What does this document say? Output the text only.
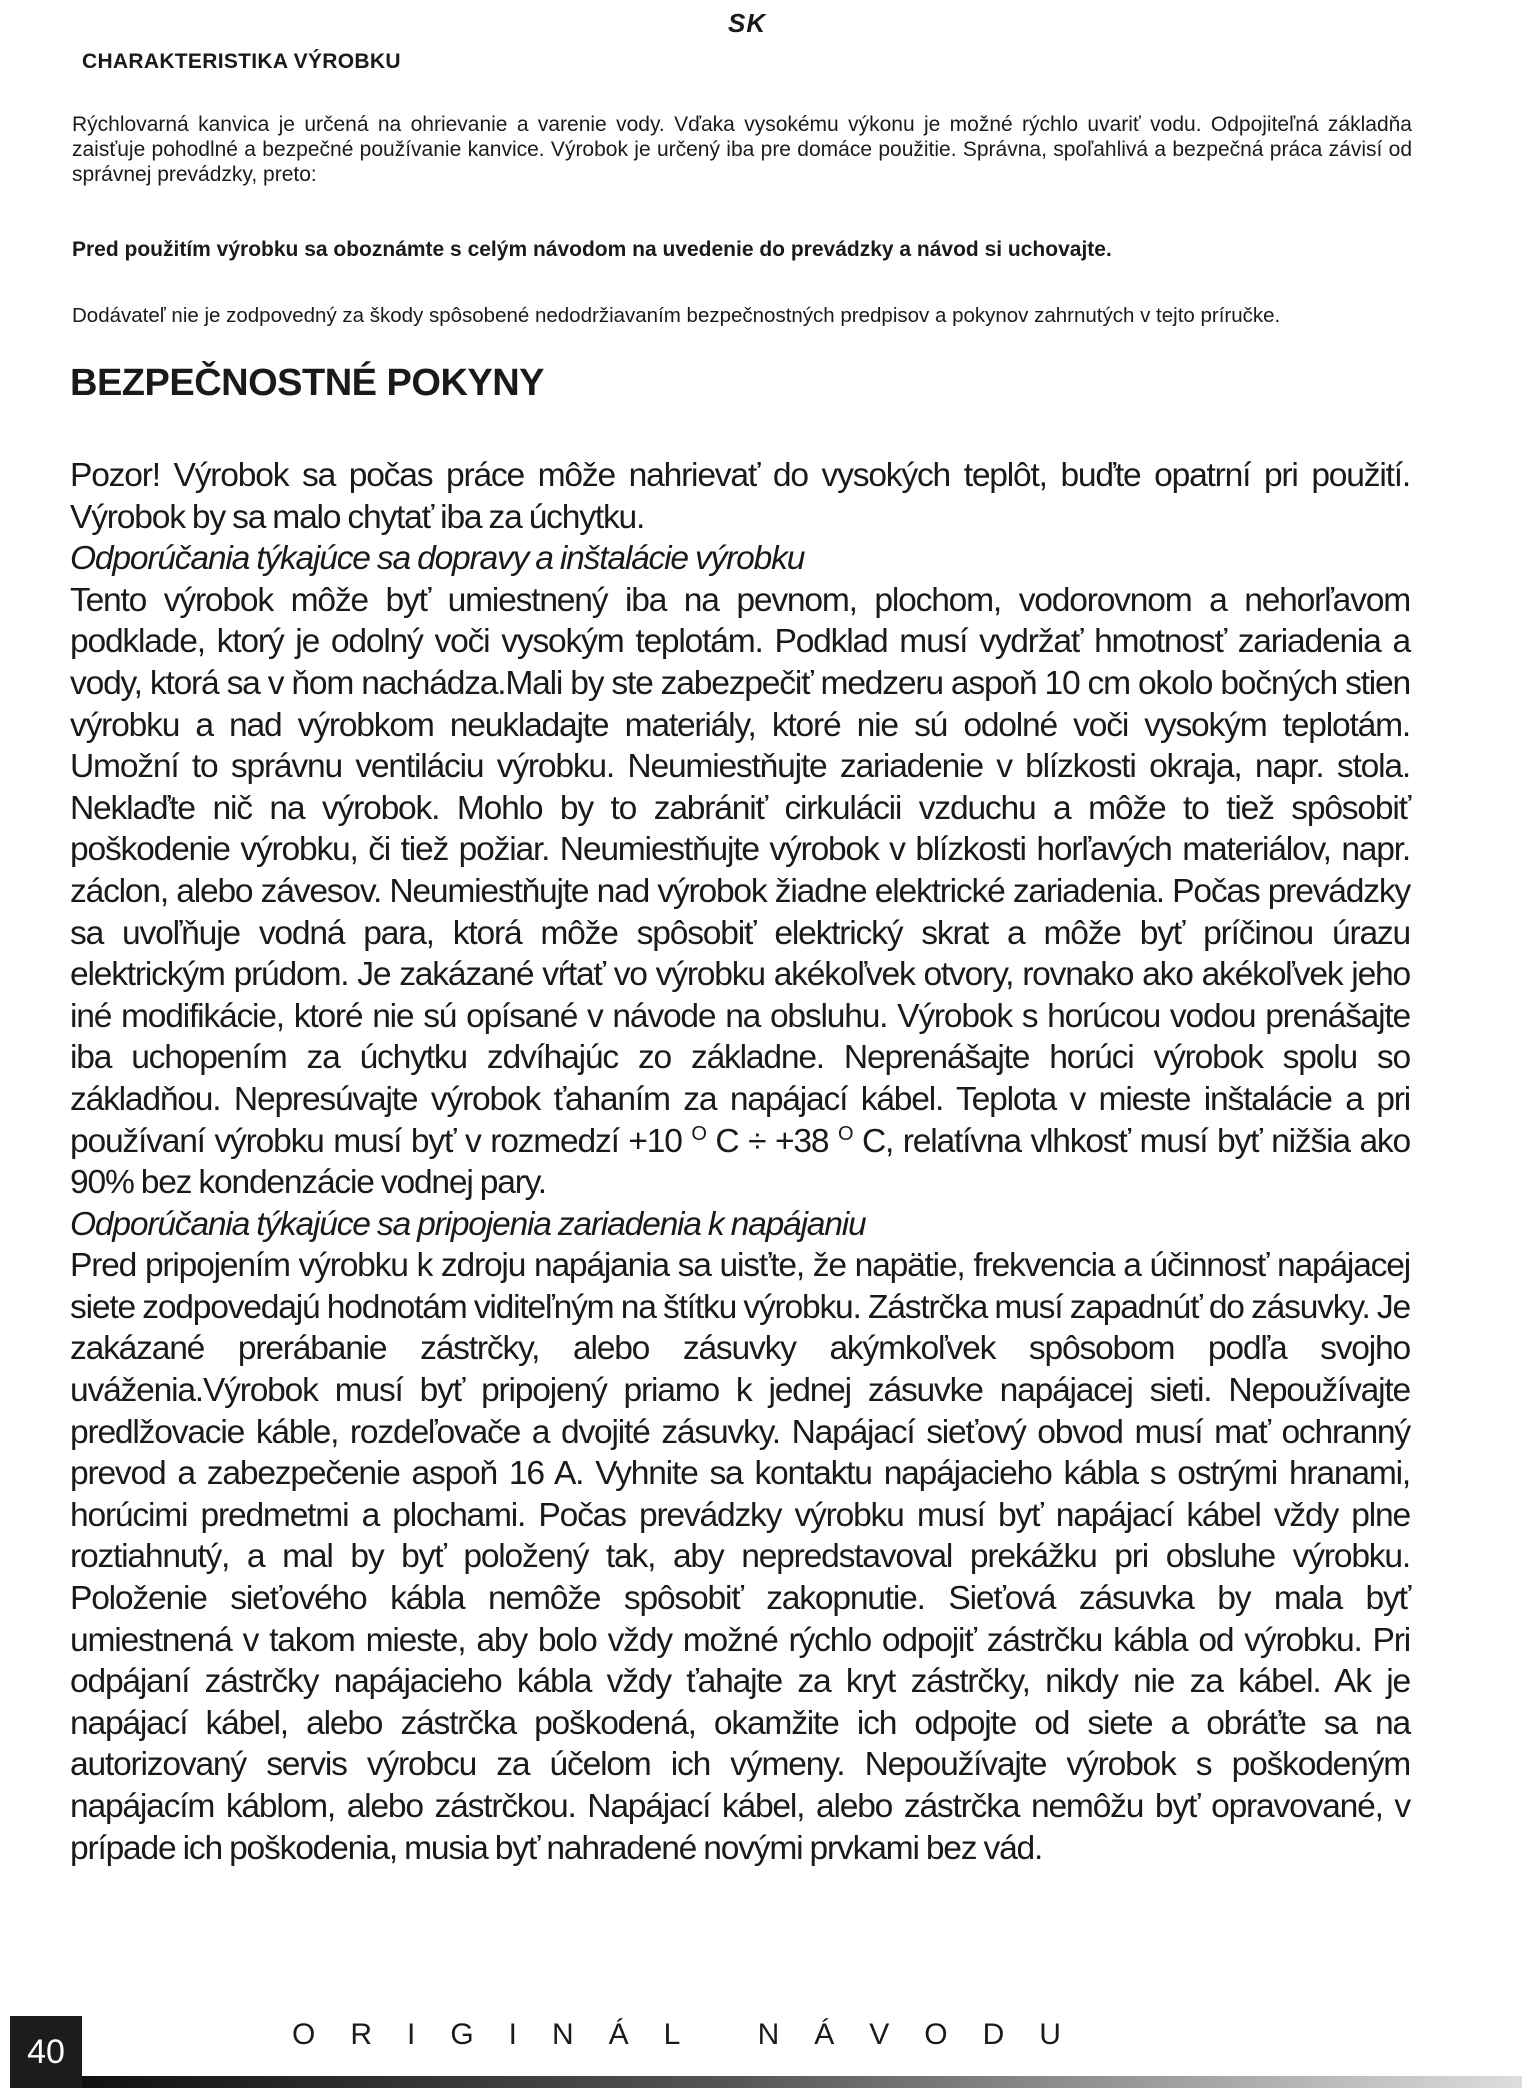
SK
CHARAKTERISTIKA VÝROBKU

Rýchlovarná kanvica je určená na ohrievanie a varenie vody. Vďaka vysokému výkonu je možné rýchlo uvariť vodu. Odpojiteľná základňa zaisťuje pohodlné a bezpečné používanie kanvice. Výrobok je určený iba pre domáce použitie. Správna, spoľahlivá a bezpečná práca závisí od správnej prevádzky, preto:

Pred použitím výrobku sa oboznámte s celým návodom na uvedenie do prevádzky a návod si uchovajte.

Dodávateľ nie je zodpovedný za škody spôsobené nedodržiavaním bezpečnostných predpisov a pokynov zahrnutých v tejto príručke.

BEZPEČNOSTNÉ POKYNY

Pozor! Výrobok sa počas práce môže nahrievať do vysokých teplôt, buďte opatrní pri použití. Výrobok by sa malo chytať iba za úchytku.

Odporúčania týkajúce sa dopravy a inštalácie výrobku

Tento výrobok môže byť umiestnený iba na pevnom, plochom, vodorovnom a nehorľavom podklade, ktorý je odolný voči vysokým teplotám. Podklad musí vydržať hmotnosť zariadenia a vody, ktorá sa v ňom nachádza.Mali by ste zabezpečiť medzeru aspoň 10 cm okolo bočných stien výrobku a nad výrobkom neukladajte materiály, ktoré nie sú odolné voči vysokým teplotám. Umožní to správnu ventiláciu výrobku. Neumiestňujte zariadenie v blízkosti okraja, napr. stola. Neklaďte nič na výrobok. Mohlo by to zabrániť cirkulácii vzduchu a môže to tiež spôsobiť poškodenie výrobku, či tiež požiar. Neumiestňujte výrobok v blízkosti horľavých materiálov, napr. záclon, alebo závesov. Neumiestňujte nad výrobok žiadne elektrické zariadenia. Počas prevádzky sa uvoľňuje vodná para, ktorá môže spôsobiť elektrický skrat a môže byť príčinou úrazu elektrickým prúdom. Je zakázané vŕtať vo výrobku akékoľvek otvory, rovnako ako akékoľvek jeho iné modifikácie, ktoré nie sú opísané v návode na obsluhu. Výrobok s horúcou vodou prenášajte iba uchopením za úchytku zdvíhajúc zo základne. Neprenášajte horúci výrobok spolu so základňou. Nepresúvajte výrobok ťahaním za napájací kábel. Teplota v mieste inštalácie a pri používaní výrobku musí byť v rozmedzí +10 $^O$ C ÷ +38 $^O$ C, relatívna vlhkosť musí byť nižšia ako 90% bez kondenzácie vodnej pary.

Odporúčania týkajúce sa pripojenia zariadenia k napájaniu

Pred pripojením výrobku k zdroju napájania sa uisťte, že napätie, frekvencia a účinnosť napájacej siete zodpovedajú hodnotám viditeľným na štítku výrobku. Zástrčka musí zapadnúť do zásuvky. Je zakázané prerábanie zástrčky, alebo zásuvky akýmkoľvek spôsobom podľa svojho uváženia.Výrobok musí byť pripojený priamo k jednej zásuvke napájacej sieti. Nepoužívajte predlžovacie káble, rozdeľovače a dvojité zásuvky. Napájací sieťový obvod musí mať ochranný prevod a zabezpečenie aspoň 16 A. Vyhnite sa kontaktu napájacieho kábla s ostrými hranami, horúcimi predmetmi a plochami. Počas prevádzky výrobku musí byť napájací kábel vždy plne roztiahnutý, a mal by byť položený tak, aby nepredstavoval prekážku pri obsluhe výrobku. Položenie sieťového kábla nemôže spôsobiť zakopnutie. Sieťová zásuvka by mala byť umiestnená v takom mieste, aby bolo vždy možné rýchlo odpojiť zástrčku kábla od výrobku. Pri odpájaní zástrčky napájacieho kábla vždy ťahajte za kryt zástrčky, nikdy nie za kábel. Ak je napájací kábel, alebo zástrčka poškodená, okamžite ich odpojte od siete a obráťte sa na autorizovaný servis výrobcu za účelom ich výmeny. Nepoužívajte výrobok s poškodeným napájacím káblom, alebo zástrčkou. Napájací kábel, alebo zástrčka nemôžu byť opravované, v prípade ich poškodenia, musia byť nahradené novými prvkami bez vád.

40	ORIGINÁL NÁVODU
